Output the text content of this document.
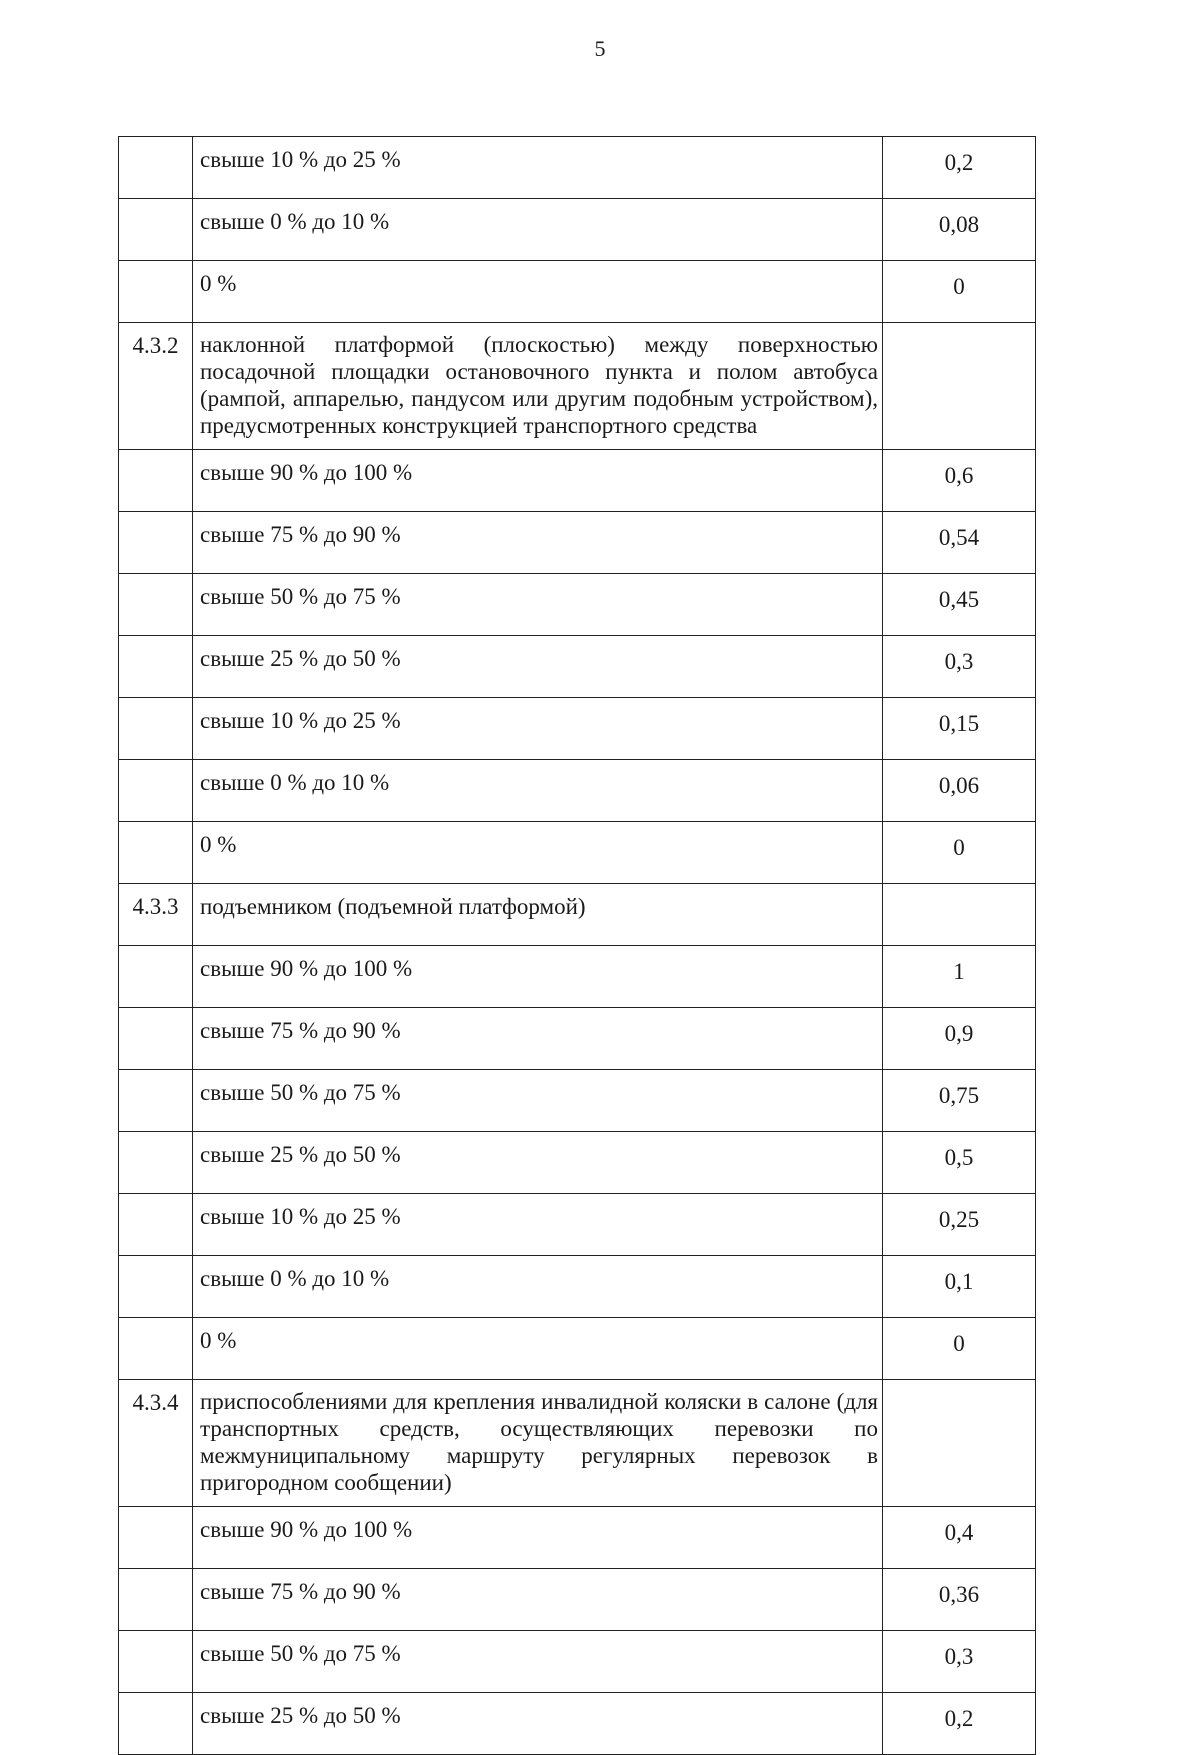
5
	свыше 10 % до 25 %	0,2
	свыше 0 % до 10 %	0,08
	0 %	0
4.3.2	наклонной платформой (плоскостью) между поверхностью посадочной площадки остановочного пункта и полом автобуса (рампой, аппарелью, пандусом или другим подобным устройством), предусмотренных конструкцией транспортного средства	
	свыше 90 % до 100 %	0,6
	свыше 75 % до 90 %	0,54
	свыше 50 % до 75 %	0,45
	свыше 25 % до 50 %	0,3
	свыше 10 % до 25 %	0,15
	свыше 0 % до 10 %	0,06
	0 %	0
4.3.3	подъемником (подъемной платформой)	
	свыше 90 % до 100 %	1
	свыше 75 % до 90 %	0,9
	свыше 50 % до 75 %	0,75
	свыше 25 % до 50 %	0,5
	свыше 10 % до 25 %	0,25
	свыше 0 % до 10 %	0,1
	0 %	0
4.3.4	приспособлениями для крепления инвалидной коляски в салоне (для транспортных средств, осуществляющих перевозки по межмуниципальному маршруту регулярных перевозок в пригородном сообщении)	
	свыше 90 % до 100 %	0,4
	свыше 75 % до 90 %	0,36
	свыше 50 % до 75 %	0,3
	свыше 25 % до 50 %	0,2
